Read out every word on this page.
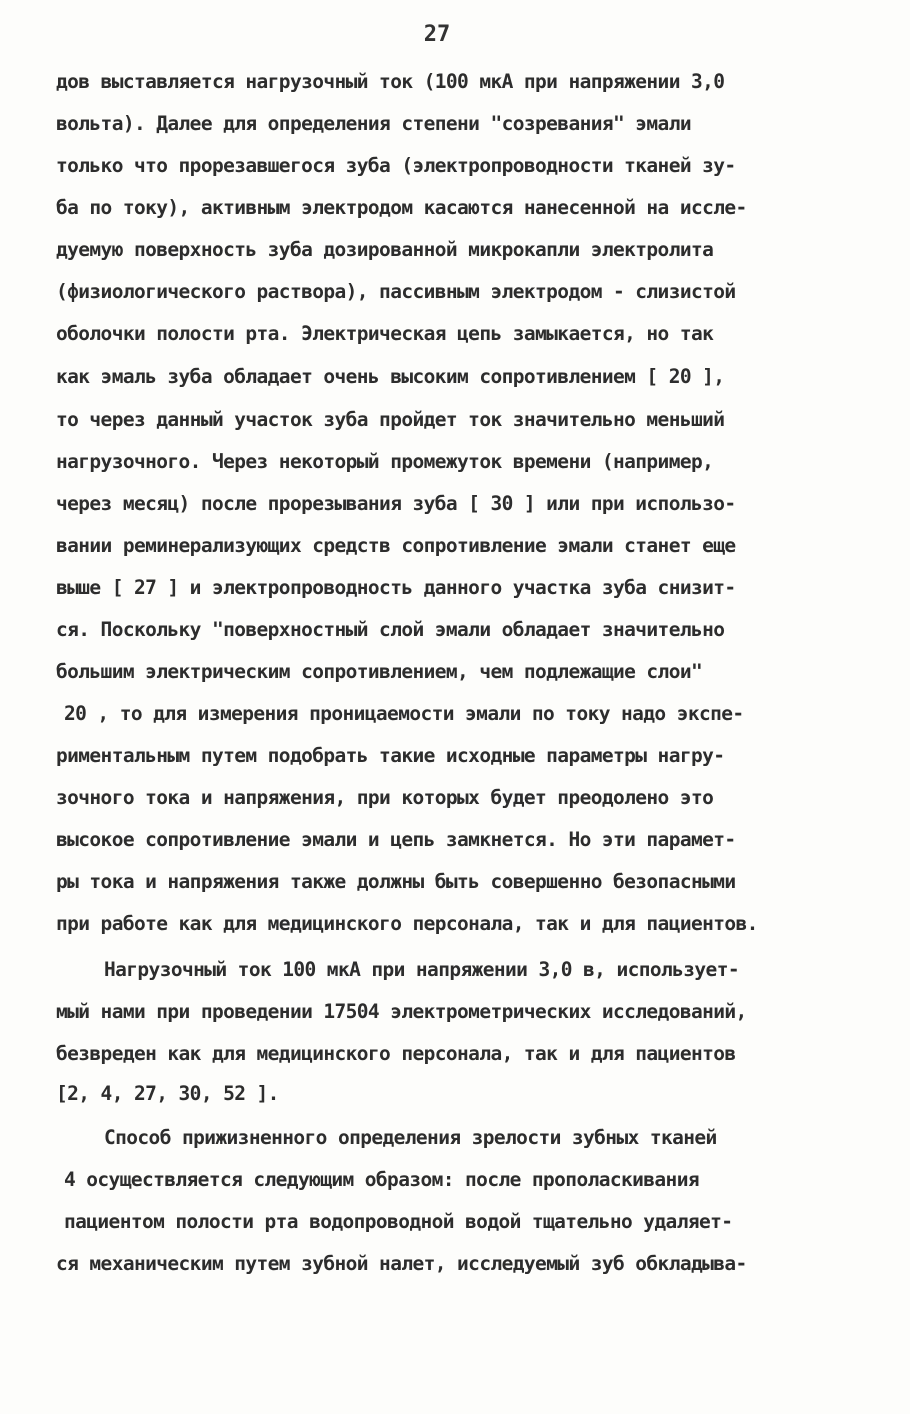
27
дов выставляется нагрузочный ток (100 мкА при напряжении 3,0
вольта). Далее для определения степени "созревания" эмали
только что прорезавшегося зуба (электропроводности тканей зу-
ба по току), активным электродом касаются нанесенной на иссле-
дуемую поверхность зуба дозированной микрокапли электролита
(физиологического раствора), пассивным электродом - слизистой
оболочки полости рта. Электрическая цепь замыкается, но так
как эмаль зуба обладает очень высоким сопротивлением [ 20 ],
то через данный участок зуба пройдет ток значительно меньший
нагрузочного. Через некоторый промежуток времени (например,
через месяц) после прорезывания зуба [ 30 ] или при использо-
вании реминерализующих средств сопротивление эмали станет еще
выше [ 27 ] и электропроводность данного участка зуба снизит-
ся. Поскольку "поверхностный слой эмали обладает значительно
большим электрическим сопротивлением, чем подлежащие слои"
20 , то для измерения проницаемости эмали по току надо экспе-
риментальным путем подобрать такие исходные параметры нагру-
зочного тока и напряжения, при которых будет преодолено это
высокое сопротивление эмали и цепь замкнется. Но эти парамет-
ры тока и напряжения также должны быть совершенно безопасными
при работе как для медицинского персонала, так и для пациентов.
Нагрузочный ток 100 мкА при напряжении 3,0 в, использует-
мый нами при проведении 17504 электрометрических исследований,
безвреден как для медицинского персонала, так и для пациентов
[2, 4, 27, 30, 52 ].
Способ прижизненного определения зрелости зубных тканей
4 осуществляется следующим образом: после прополаскивания
пациентом полости рта водопроводной водой тщательно удаляет-
ся механическим путем зубной налет, исследуемый зуб обкладыва-
